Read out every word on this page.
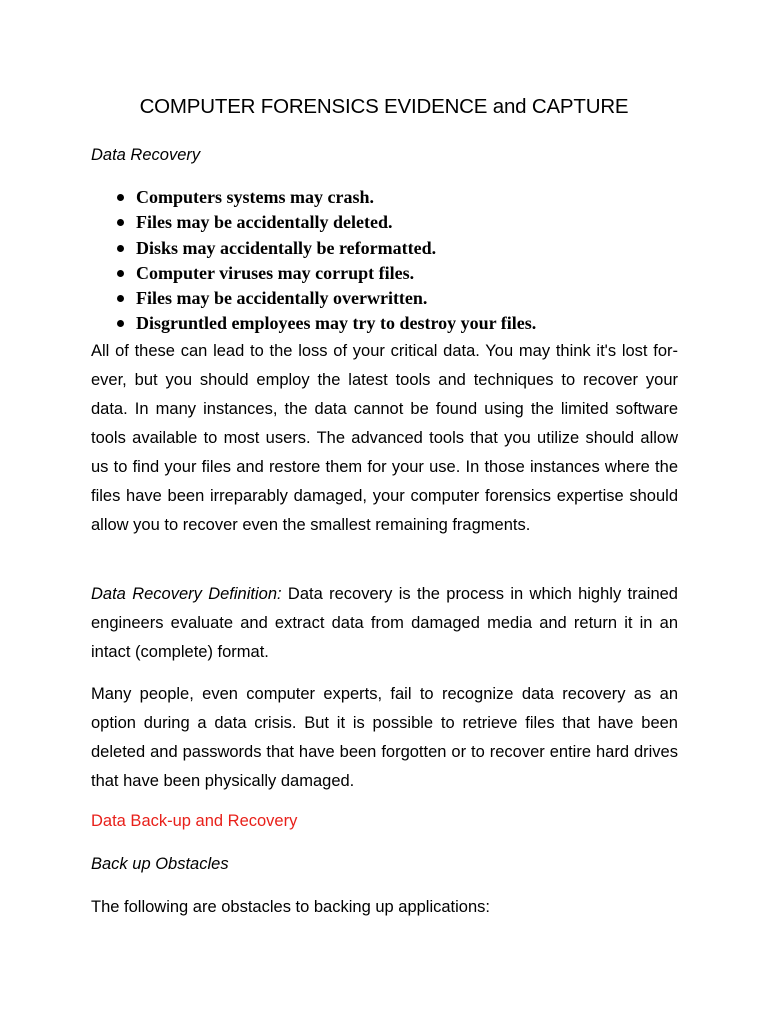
COMPUTER FORENSICS EVIDENCE and CAPTURE

Data Recovery

Computers systems may crash.
Files may be accidentally deleted.
Disks may accidentally be reformatted.
Computer viruses may corrupt files.
Files may be accidentally overwritten.
Disgruntled employees may try to destroy your files.

All of these can lead to the loss of your critical data. You may think it's lost for- ever, but you should employ the latest tools and techniques to recover your data. In many instances, the data cannot be found using the limited software tools available to most users. The advanced tools that you utilize should allow us to find your files and restore them for your use. In those instances where the files have been irreparably damaged, your computer forensics expertise should allow you to recover even the smallest remaining fragments.

Data Recovery Definition: Data recovery is the process in which highly trained engineers evaluate and extract data from damaged media and return it in an intact (complete) format.

Many people, even computer experts, fail to recognize data recovery as an option during a data crisis. But it is possible to retrieve files that have been deleted and passwords that have been forgotten or to recover entire hard drives that have been physically damaged.

Data Back-up and Recovery

Back up Obstacles

The following are obstacles to backing up applications:
